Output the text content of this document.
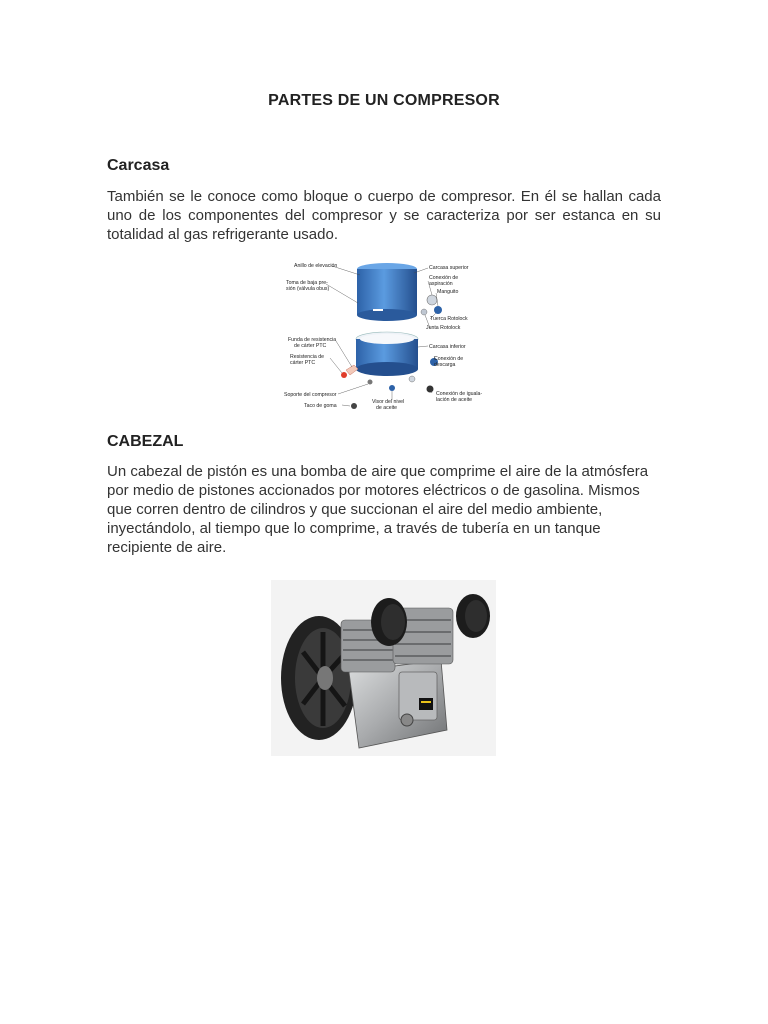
PARTES DE UN COMPRESOR
Carcasa
También se le conoce como bloque o cuerpo de compresor. En él se hallan cada uno de los componentes del compresor y se caracteriza por ser estanca en su totalidad al gas refrigerante usado.
Anillo de elevación
Toma de baja pre-
sión (válvula obus)
Funda de resistencia
de cárter PTC
Resistencia de
cárter PTC
Soporte del compresor
Taco de goma
Carcasa superior
Conexión de
aspiración
Manguito
Tuerca Rotolock
Junta Rotolock
Carcasa inferior
Conexión de
descarga
Conexión de iguala-
lación de aceite
Visor del nivel
de aceite
CABEZAL
Un cabezal de pistón es una bomba de aire que comprime el aire de la atmósfera por medio de pistones accionados por motores eléctricos o de gasolina. Mismos que corren dentro de cilindros y que succionan el aire del medio ambiente, inyectándolo, al tiempo que lo comprime, a través de tubería en un tanque recipiente de aire.
